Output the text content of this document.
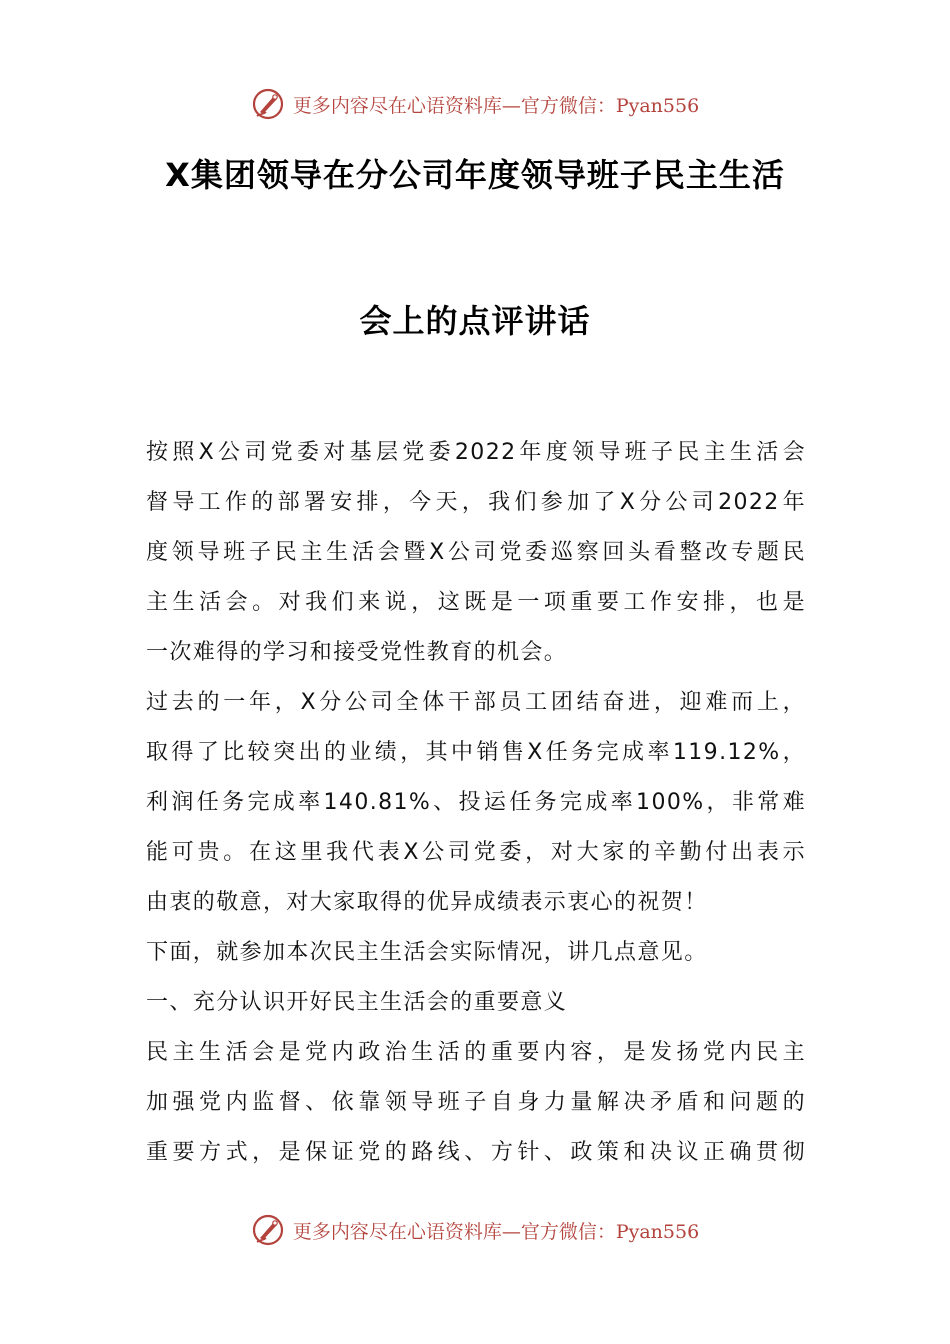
更多内容尽在心语资料库—官方微信：Pyan556
X集团领导在分公司年度领导班子民主生活
会上的点评讲话
按照X公司党委对基层党委2022年度领导班子民主生活会
督导工作的部署安排，今天，我们参加了X分公司2022年
度领导班子民主生活会暨X公司党委巡察回头看整改专题民
主生活会。对我们来说，这既是一项重要工作安排，也是
一次难得的学习和接受党性教育的机会。
过去的一年，X分公司全体干部员工团结奋进，迎难而上，
取得了比较突出的业绩，其中销售X任务完成率119.12%，
利润任务完成率140.81%、投运任务完成率100%，非常难
能可贵。在这里我代表X公司党委，对大家的辛勤付出表示
由衷的敬意，对大家取得的优异成绩表示衷心的祝贺！
下面，就参加本次民主生活会实际情况，讲几点意见。
一、充分认识开好民主生活会的重要意义
民主生活会是党内政治生活的重要内容，是发扬党内民主
加强党内监督、依靠领导班子自身力量解决矛盾和问题的
重要方式，是保证党的路线、方针、政策和决议正确贯彻
更多内容尽在心语资料库—官方微信：Pyan556
